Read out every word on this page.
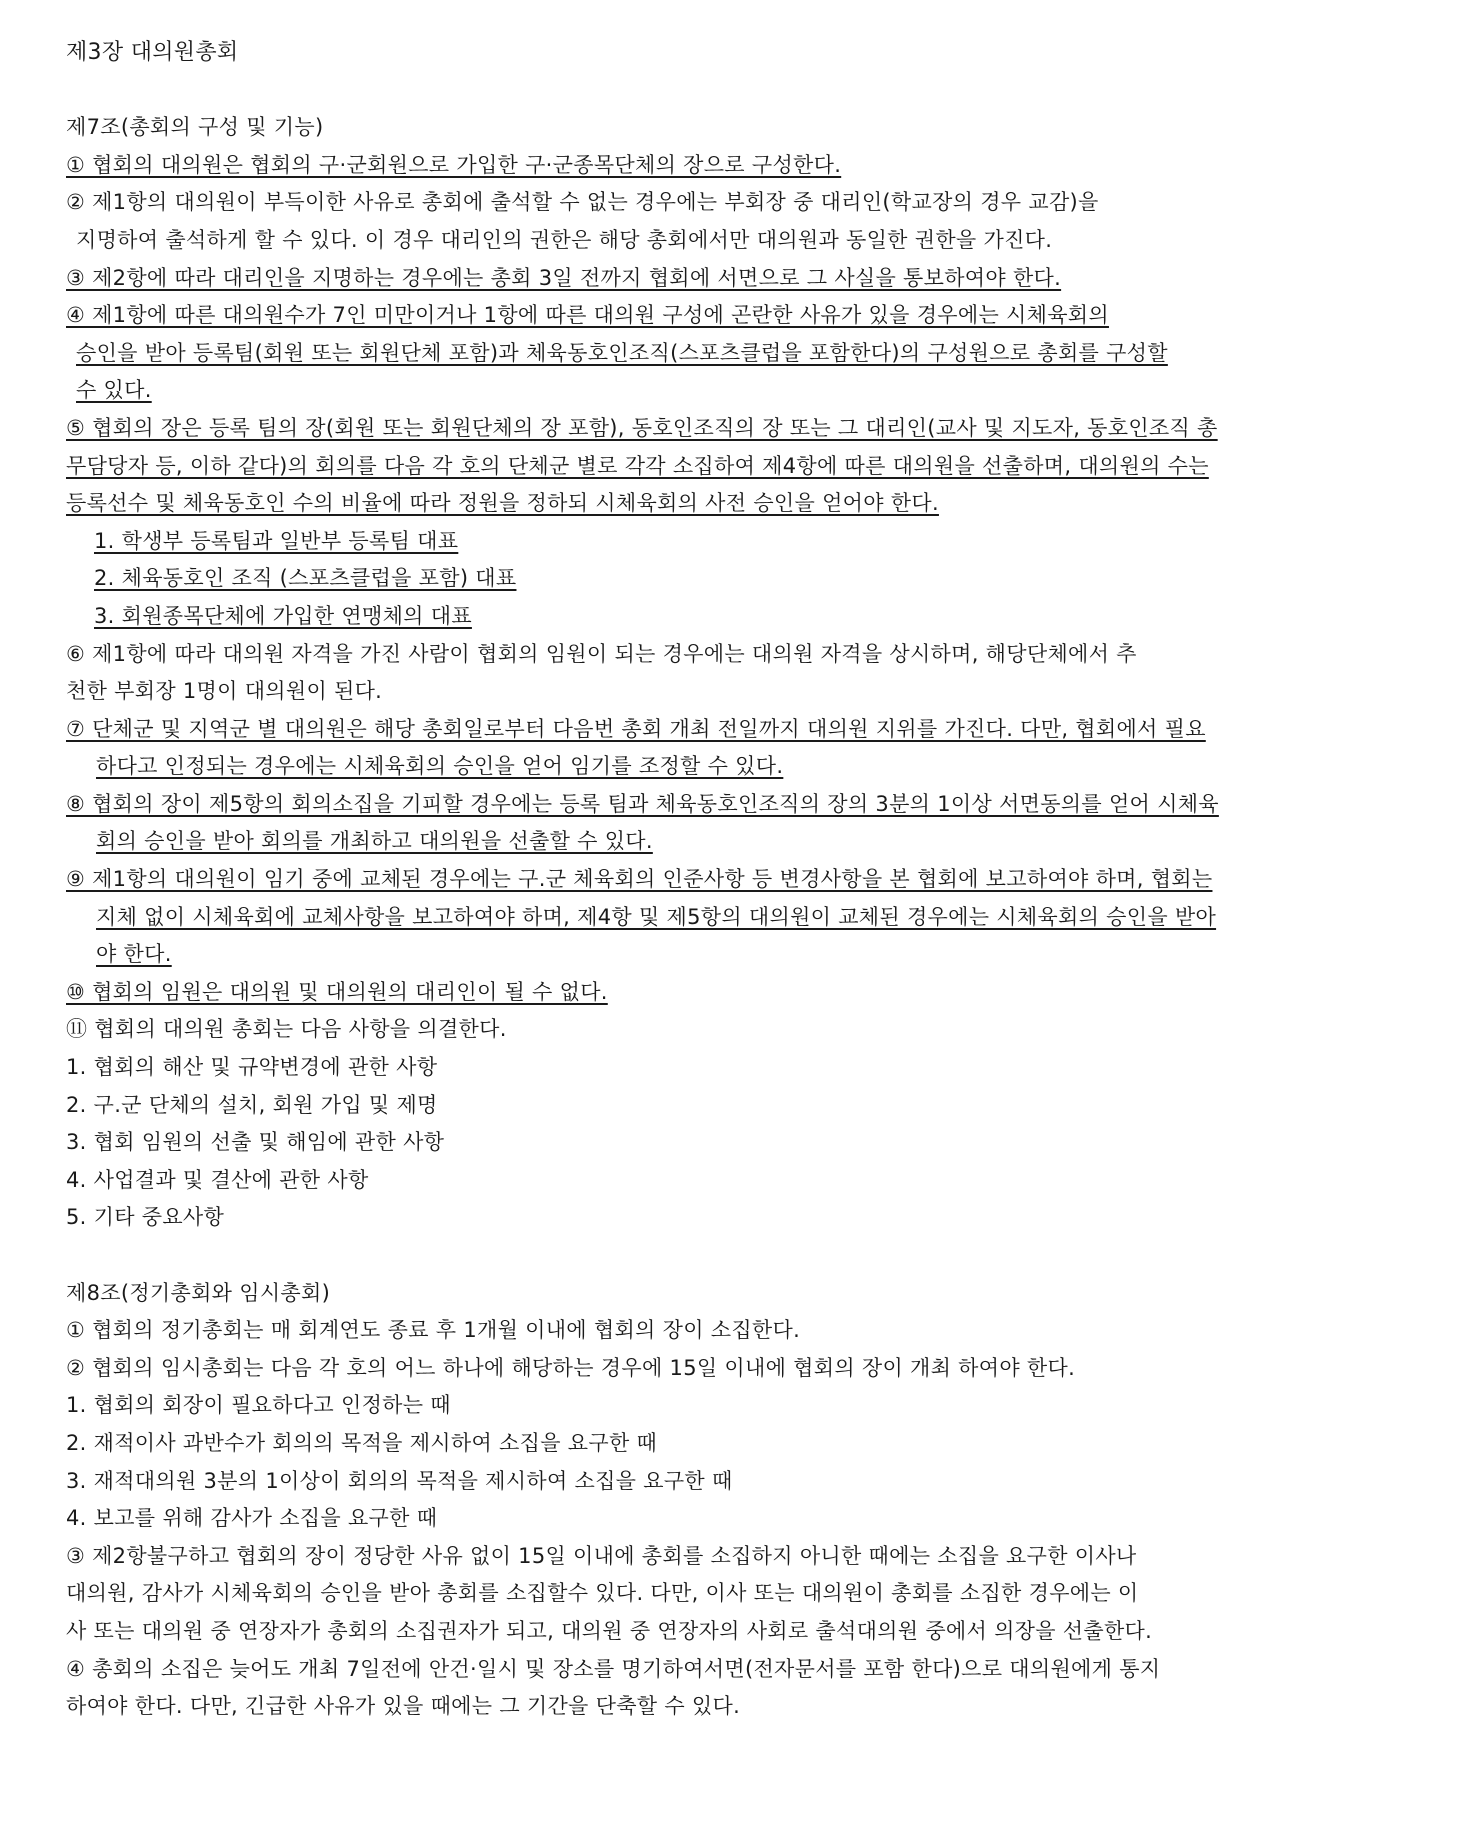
제3장 대의원총회
제7조(총회의 구성 및 기능)
① 협회의 대의원은 협회의 구·군회원으로 가입한 구·군종목단체의 장으로 구성한다.
② 제1항의 대의원이 부득이한 사유로 총회에 출석할 수 없는 경우에는 부회장 중 대리인(학교장의 경우 교감)을
지명하여 출석하게 할 수 있다. 이 경우 대리인의 권한은 해당 총회에서만 대의원과 동일한 권한을 가진다.
③ 제2항에 따라 대리인을 지명하는 경우에는 총회 3일 전까지 협회에 서면으로 그 사실을 통보하여야 한다.
④ 제1항에 따른 대의원수가 7인 미만이거나 1항에 따른 대의원 구성에 곤란한 사유가 있을 경우에는 시체육회의
승인을 받아 등록팀(회원 또는 회원단체 포함)과 체육동호인조직(스포츠클럽을 포함한다)의 구성원으로 총회를 구성할
수 있다.
⑤ 협회의 장은 등록 팀의 장(회원 또는 회원단체의 장 포함), 동호인조직의 장 또는 그 대리인(교사 및 지도자, 동호인조직 총
무담당자 등, 이하 같다)의 회의를 다음 각 호의 단체군 별로 각각 소집하여 제4항에 따른 대의원을 선출하며, 대의원의 수는
등록선수 및 체육동호인 수의 비율에 따라 정원을 정하되 시체육회의 사전 승인을 얻어야 한다.
1. 학생부 등록팀과 일반부 등록팀 대표
2. 체육동호인 조직 (스포츠클럽을 포함) 대표
3. 회원종목단체에 가입한 연맹체의 대표
⑥ 제1항에 따라 대의원 자격을 가진 사람이 협회의 임원이 되는 경우에는 대의원 자격을 상시하며, 해당단체에서 추
천한 부회장 1명이 대의원이 된다.
⑦ 단체군 및 지역군 별 대의원은 해당 총회일로부터 다음번 총회 개최 전일까지 대의원 지위를 가진다. 다만, 협회에서 필요
하다고 인정되는 경우에는 시체육회의 승인을 얻어 임기를 조정할 수 있다.
⑧ 협회의 장이 제5항의 회의소집을 기피할 경우에는 등록 팀과 체육동호인조직의 장의 3분의 1이상 서면동의를 얻어 시체육
회의 승인을 받아 회의를 개최하고 대의원을 선출할 수 있다.
⑨ 제1항의 대의원이 임기 중에 교체된 경우에는 구.군 체육회의 인준사항 등 변경사항을 본 협회에 보고하여야 하며, 협회는
지체 없이 시체육회에 교체사항을 보고하여야 하며, 제4항 및 제5항의 대의원이 교체된 경우에는 시체육회의 승인을 받아
야 한다.
⑩ 협회의 임원은 대의원 및 대의원의 대리인이 될 수 없다.
⑪ 협회의 대의원 총회는 다음 사항을 의결한다.
1. 협회의 해산 및 규약변경에 관한 사항
2. 구.군 단체의 설치, 회원 가입 및 제명
3. 협회 임원의 선출 및 해임에 관한 사항
4. 사업결과 및 결산에 관한 사항
5. 기타 중요사항
제8조(정기총회와 임시총회)
① 협회의 정기총회는 매 회계연도 종료 후 1개월 이내에 협회의 장이 소집한다.
② 협회의 임시총회는 다음 각 호의 어느 하나에 해당하는 경우에 15일 이내에 협회의 장이 개최 하여야 한다.
1. 협회의 회장이 필요하다고 인정하는 때
2. 재적이사 과반수가 회의의 목적을 제시하여 소집을 요구한 때
3. 재적대의원 3분의 1이상이 회의의 목적을 제시하여 소집을 요구한 때
4. 보고를 위해 감사가 소집을 요구한 때
③ 제2항불구하고 협회의 장이 정당한 사유 없이 15일 이내에 총회를 소집하지 아니한 때에는 소집을 요구한 이사나
대의원, 감사가 시체육회의 승인을 받아 총회를 소집할수 있다. 다만, 이사 또는 대의원이 총회를 소집한 경우에는 이
사 또는 대의원 중 연장자가 총회의 소집권자가 되고, 대의원 중 연장자의 사회로 출석대의원 중에서 의장을 선출한다.
④ 총회의 소집은 늦어도 개최 7일전에 안건·일시 및 장소를 명기하여서면(전자문서를 포함 한다)으로 대의원에게 통지
하여야 한다. 다만, 긴급한 사유가 있을 때에는 그 기간을 단축할 수 있다.
